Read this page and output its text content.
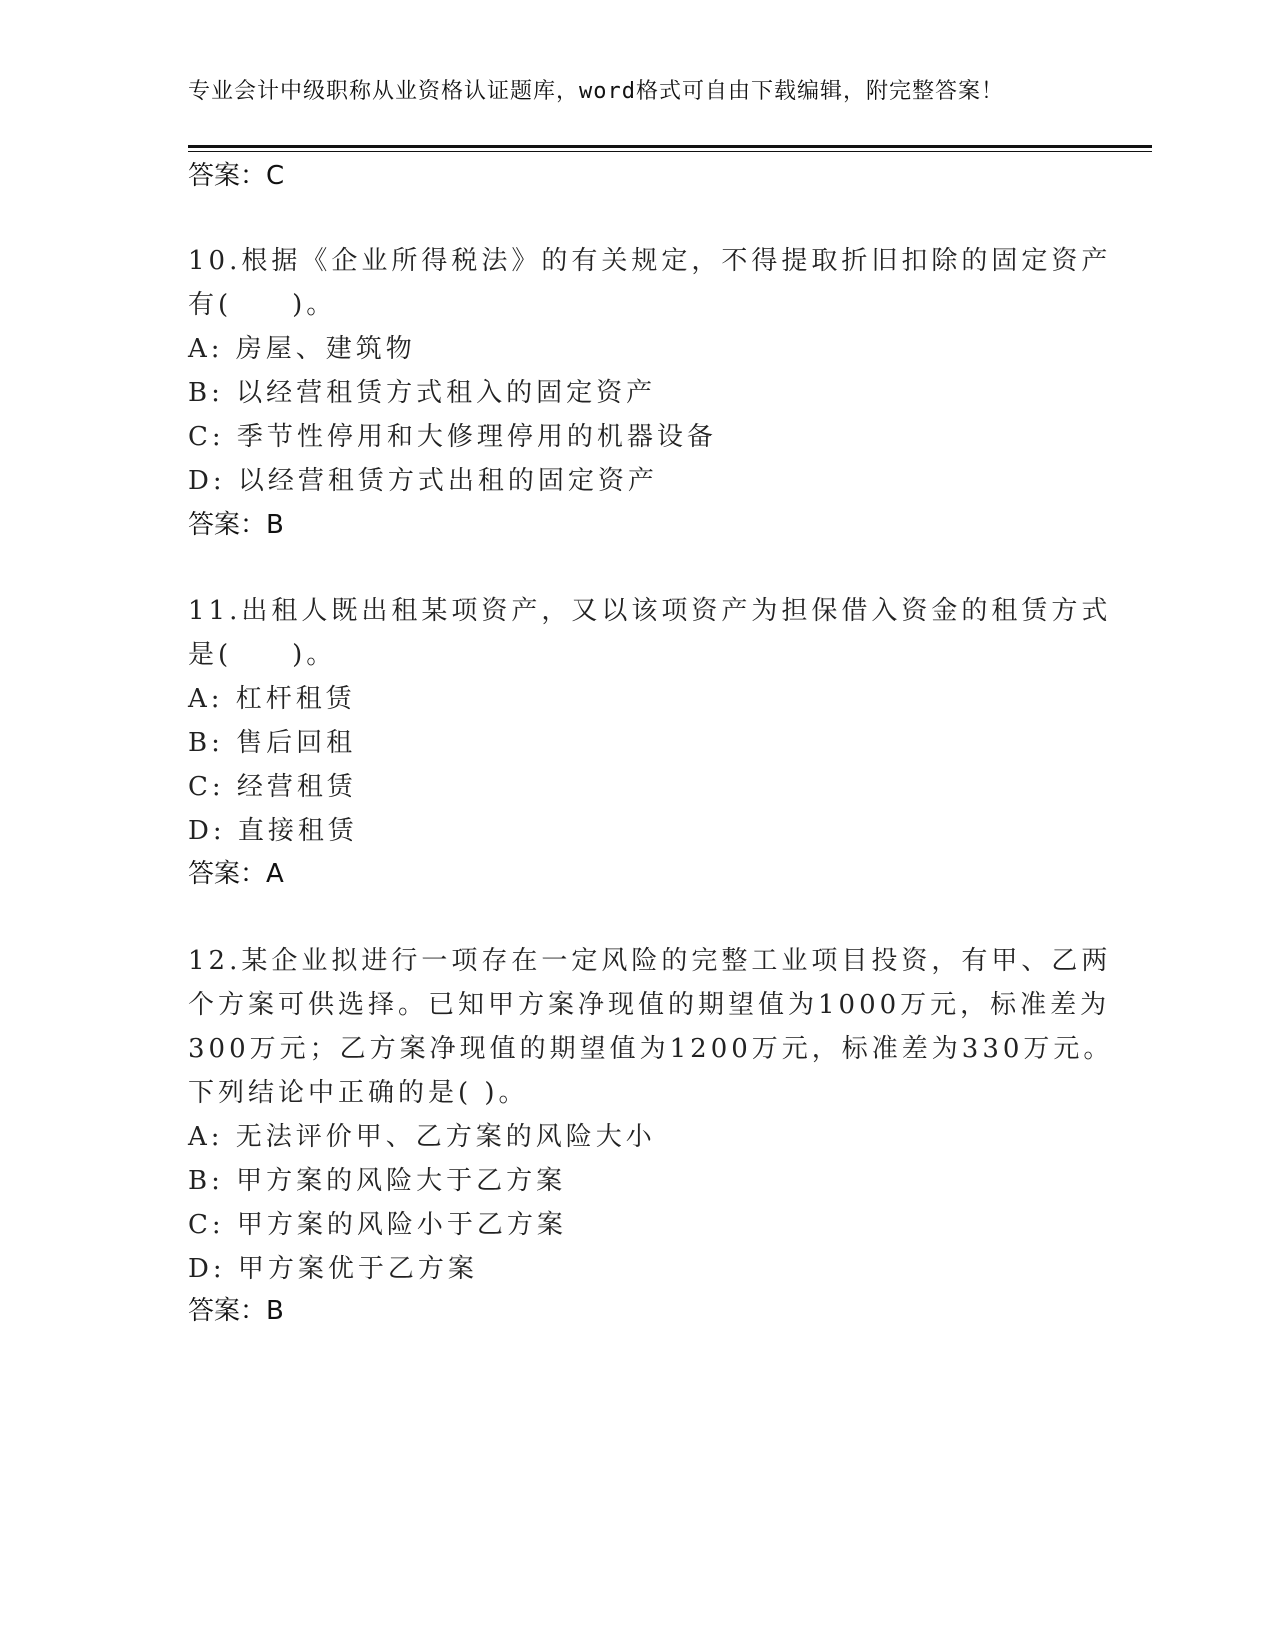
专业会计中级职称从业资格认证题库，word格式可自由下载编辑，附完整答案！
答案：C
10.根据《企业所得税法》的有关规定，不得提取折旧扣除的固定资产
有(　　)。
A: 房屋、建筑物
B: 以经营租赁方式租入的固定资产
C: 季节性停用和大修理停用的机器设备
D: 以经营租赁方式出租的固定资产
答案：B
11.出租人既出租某项资产，又以该项资产为担保借入资金的租赁方式
是(　　)。
A: 杠杆租赁
B: 售后回租
C: 经营租赁
D: 直接租赁
答案：A
12.某企业拟进行一项存在一定风险的完整工业项目投资，有甲、乙两
个方案可供选择。已知甲方案净现值的期望值为1000万元，标准差为
300万元；乙方案净现值的期望值为1200万元，标准差为330万元。
下列结论中正确的是( )。
A: 无法评价甲、乙方案的风险大小
B: 甲方案的风险大于乙方案
C: 甲方案的风险小于乙方案
D: 甲方案优于乙方案
答案：B
